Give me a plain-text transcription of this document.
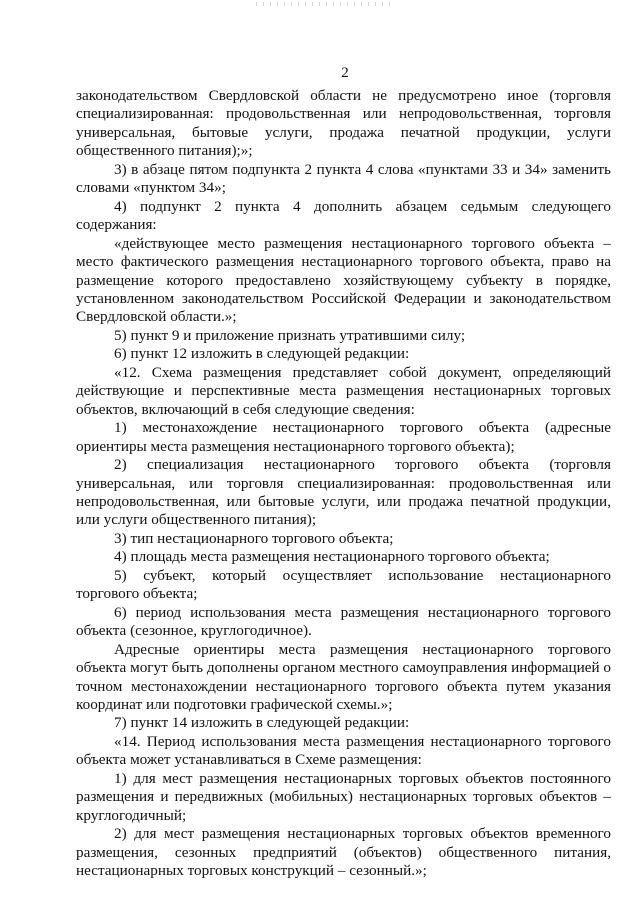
2

законодательством Свердловской области не предусмотрено иное (торговля специализированная: продовольственная или непродовольственная, торговля универсальная, бытовые услуги, продажа печатной продукции, услуги общественного питания);»;

3) в абзаце пятом подпункта 2 пункта 4 слова «пунктами 33 и 34» заменить словами «пунктом 34»;

4) подпункт 2 пункта 4 дополнить абзацем седьмым следующего содержания:

«действующее место размещения нестационарного торгового объекта – место фактического размещения нестационарного торгового объекта, право на размещение которого предоставлено хозяйствующему субъекту в порядке, установленном законодательством Российской Федерации и законодательством Свердловской области.»;

5) пункт 9 и приложение признать утратившими силу;

6) пункт 12 изложить в следующей редакции:

«12. Схема размещения представляет собой документ, определяющий действующие и перспективные места размещения нестационарных торговых объектов, включающий в себя следующие сведения:

1) местонахождение нестационарного торгового объекта (адресные ориентиры места размещения нестационарного торгового объекта);

2) специализация нестационарного торгового объекта (торговля универсальная, или торговля специализированная: продовольственная или непродовольственная, или бытовые услуги, или продажа печатной продукции, или услуги общественного питания);

3) тип нестационарного торгового объекта;

4) площадь места размещения нестационарного торгового объекта;

5) субъект, который осуществляет использование нестационарного торгового объекта;

6) период использования места размещения нестационарного торгового объекта (сезонное, круглогодичное).

Адресные ориентиры места размещения нестационарного торгового объекта могут быть дополнены органом местного самоуправления информацией о точном местонахождении нестационарного торгового объекта путем указания координат или подготовки графической схемы.»;

7) пункт 14 изложить в следующей редакции:

«14. Период использования места размещения нестационарного торгового объекта может устанавливаться в Схеме размещения:

1) для мест размещения нестационарных торговых объектов постоянного размещения и передвижных (мобильных) нестационарных торговых объектов – круглогодичный;

2) для мест размещения нестационарных торговых объектов временного размещения, сезонных предприятий (объектов) общественного питания, нестационарных торговых конструкций – сезонный.»;
